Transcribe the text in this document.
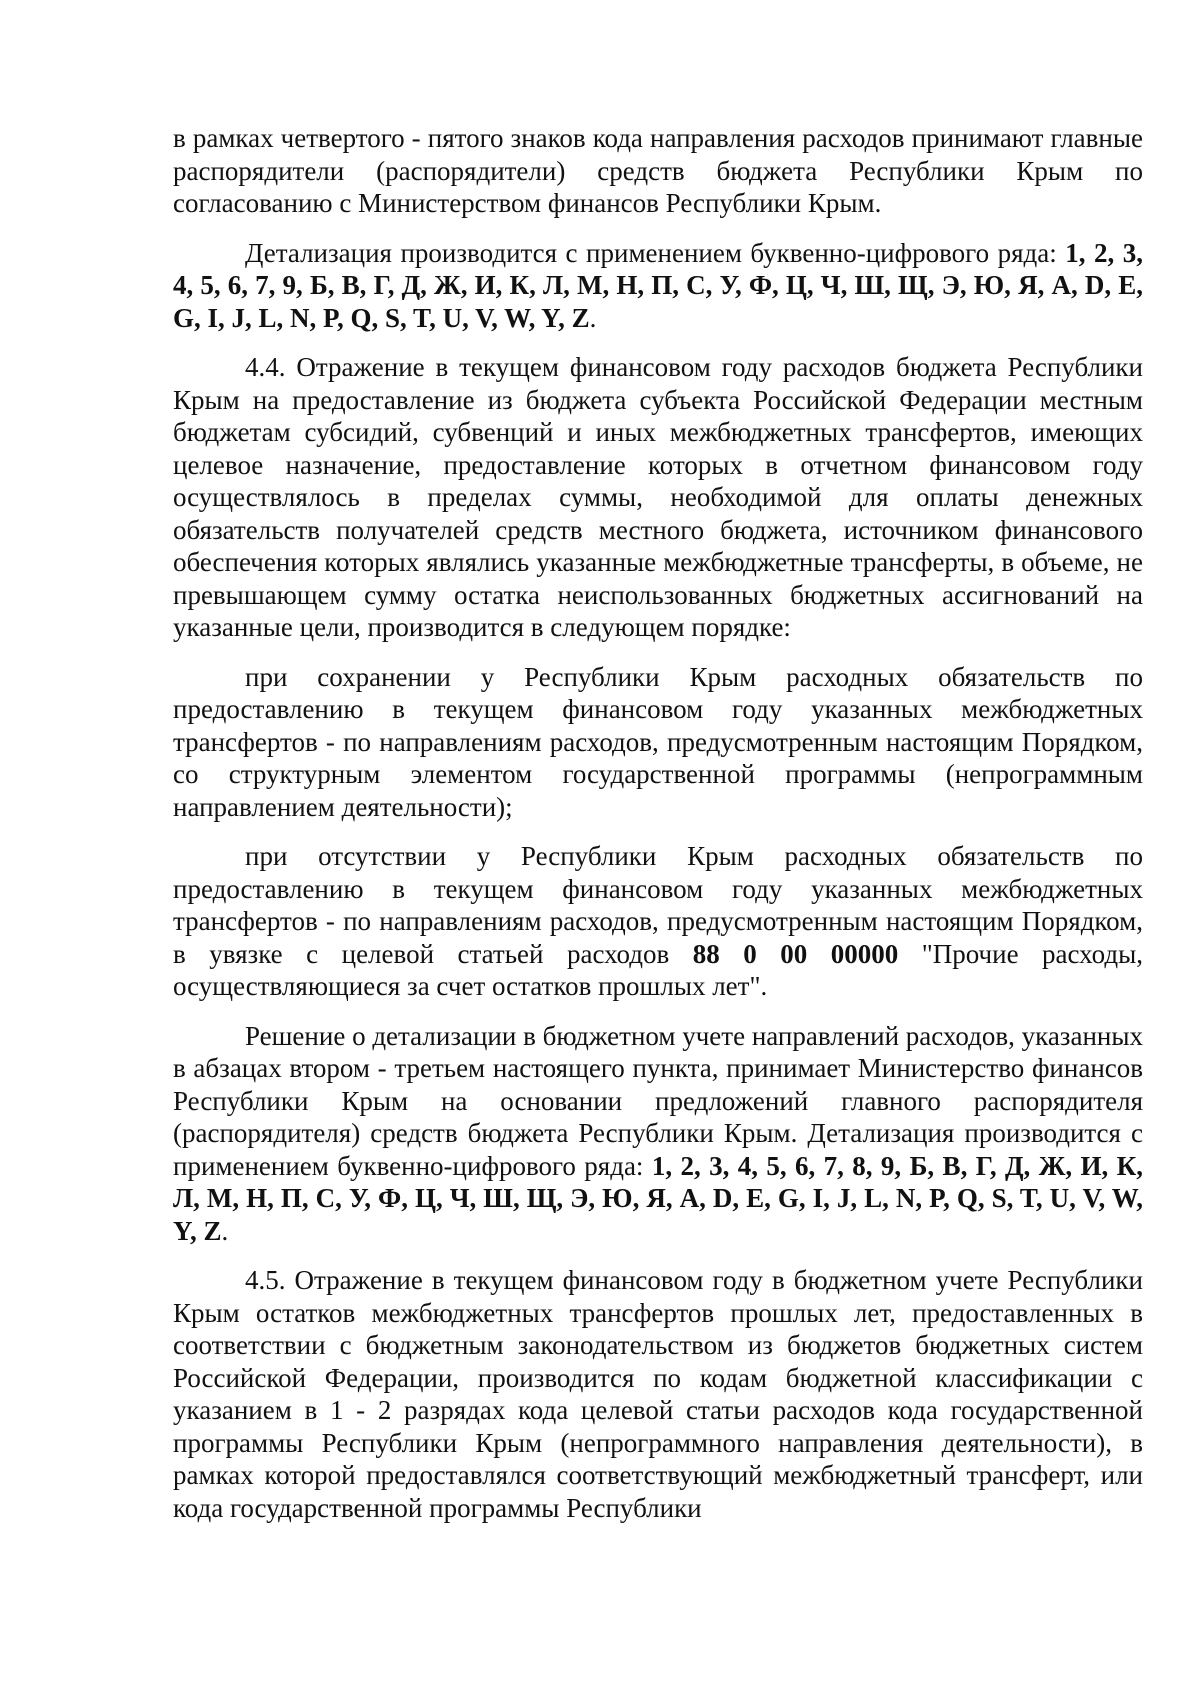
в рамках четвертого - пятого знаков кода направления расходов принимают главные распорядители (распорядители) средств бюджета Республики Крым по согласованию с Министерством финансов Республики Крым.

Детализация производится с применением буквенно-цифрового ряда: 1, 2, 3, 4, 5, 6, 7, 9, Б, В, Г, Д, Ж, И, К, Л, М, Н, П, С, У, Ф, Ц, Ч, Ш, Щ, Э, Ю, Я, A, D, E, G, I, J, L, N, P, Q, S, T, U, V, W, Y, Z.

4.4. Отражение в текущем финансовом году расходов бюджета Республики Крым на предоставление из бюджета субъекта Российской Федерации местным бюджетам субсидий, субвенций и иных межбюджетных трансфертов, имеющих целевое назначение, предоставление которых в отчетном финансовом году осуществлялось в пределах суммы, необходимой для оплаты денежных обязательств получателей средств местного бюджета, источником финансового обеспечения которых являлись указанные межбюджетные трансферты, в объеме, не превышающем сумму остатка неиспользованных бюджетных ассигнований на указанные цели, производится в следующем порядке:

при сохранении у Республики Крым расходных обязательств по предоставлению в текущем финансовом году указанных межбюджетных трансфертов - по направлениям расходов, предусмотренным настоящим Порядком, со структурным элементом государственной программы (непрограммным направлением деятельности);

при отсутствии у Республики Крым расходных обязательств по предоставлению в текущем финансовом году указанных межбюджетных трансфертов - по направлениям расходов, предусмотренным настоящим Порядком, в увязке с целевой статьей расходов 88 0 00 00000 "Прочие расходы, осуществляющиеся за счет остатков прошлых лет".

Решение о детализации в бюджетном учете направлений расходов, указанных в абзацах втором - третьем настоящего пункта, принимает Министерство финансов Республики Крым на основании предложений главного распорядителя (распорядителя) средств бюджета Республики Крым. Детализация производится с применением буквенно-цифрового ряда: 1, 2, 3, 4, 5, 6, 7, 8, 9, Б, В, Г, Д, Ж, И, К, Л, М, Н, П, С, У, Ф, Ц, Ч, Ш, Щ, Э, Ю, Я, A, D, E, G, I, J, L, N, P, Q, S, T, U, V, W, Y, Z.

4.5. Отражение в текущем финансовом году в бюджетном учете Республики Крым остатков межбюджетных трансфертов прошлых лет, предоставленных в соответствии с бюджетным законодательством из бюджетов бюджетных систем Российской Федерации, производится по кодам бюджетной классификации с указанием в 1 - 2 разрядах кода целевой статьи расходов кода государственной программы Республики Крым (непрограммного направления деятельности), в рамках которой предоставлялся соответствующий межбюджетный трансферт, или кода государственной программы Республики
